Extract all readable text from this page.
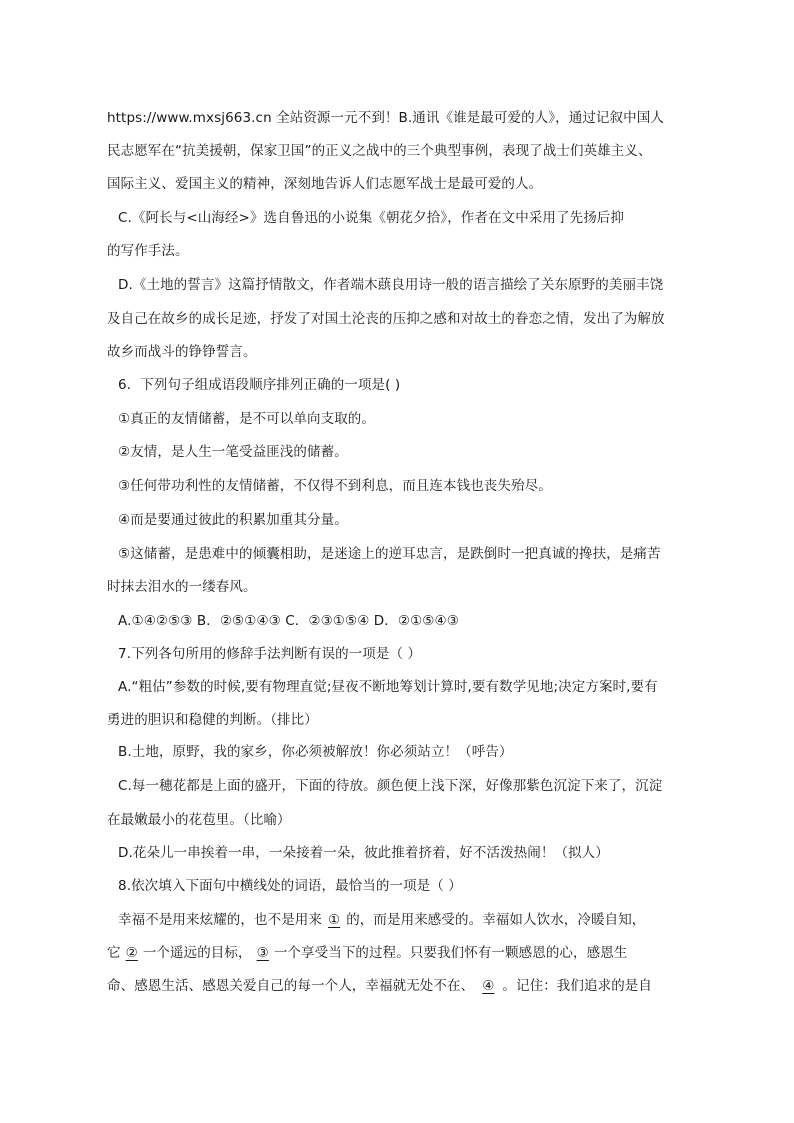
https://www.mxsj663.cn 全站资源一元不到！B.通讯《谁是最可爱的人》，通过记叙中国人
民志愿军在“抗美援朝，保家卫国”的正义之战中的三个典型事例，表现了战士们英雄主义、
国际主义、爱国主义的精神，深刻地告诉人们志愿军战士是最可爱的人。
C.《阿长与<山海经>》选自鲁迅的小说集《朝花夕拾》，作者在文中采用了先扬后抑
的写作手法。
D.《土地的誓言》这篇抒情散文，作者端木蕻良用诗一般的语言描绘了关东原野的美丽丰饶
及自己在故乡的成长足迹，抒发了对国土沦丧的压抑之感和对故土的眷恋之情，发出了为解放
故乡而战斗的铮铮誓言。
6．下列句子组成语段顺序排列正确的一项是( )
①真正的友情储蓄，是不可以单向支取的。
②友情，是人生一笔受益匪浅的储蓄。
③任何带功利性的友情储蓄，不仅得不到利息，而且连本钱也丧失殆尽。
④而是要通过彼此的积累加重其分量。
⑤这储蓄，是患难中的倾囊相助，是迷途上的逆耳忠言，是跌倒时一把真诚的搀扶，是痛苦
时抹去泪水的一缕春风。
A.①④②⑤③ B．②⑤①④③ C．②③①⑤④ D．②①⑤④③
7.下列各句所用的修辞手法判断有误的一项是（ ）
A.“粗估”参数的时候,要有物理直觉;昼夜不断地筹划计算时,要有数学见地;决定方案时,要有
勇进的胆识和稳健的判断。（排比）
B.土地，原野，我的家乡，你必须被解放！你必须站立！（呼告）
C.每一穗花都是上面的盛开，下面的待放。颜色便上浅下深，好像那紫色沉淀下来了，沉淀
在最嫩最小的花苞里。（比喻）
D.花朵儿一串挨着一串，一朵接着一朵，彼此推着挤着，好不活泼热闹！（拟人）
8.依次填入下面句中横线处的词语，最恰当的一项是（ ）
幸福不是用来炫耀的，也不是用来 ① 的，而是用来感受的。幸福如人饮水，冷暖自知，
它 ② 一个遥远的目标， ③ 一个享受当下的过程。只要我们怀有一颗感恩的心，感恩生
命、感恩生活、感恩关爱自己的每一个人，幸福就无处不在、 ④ 。记住：我们追求的是自
